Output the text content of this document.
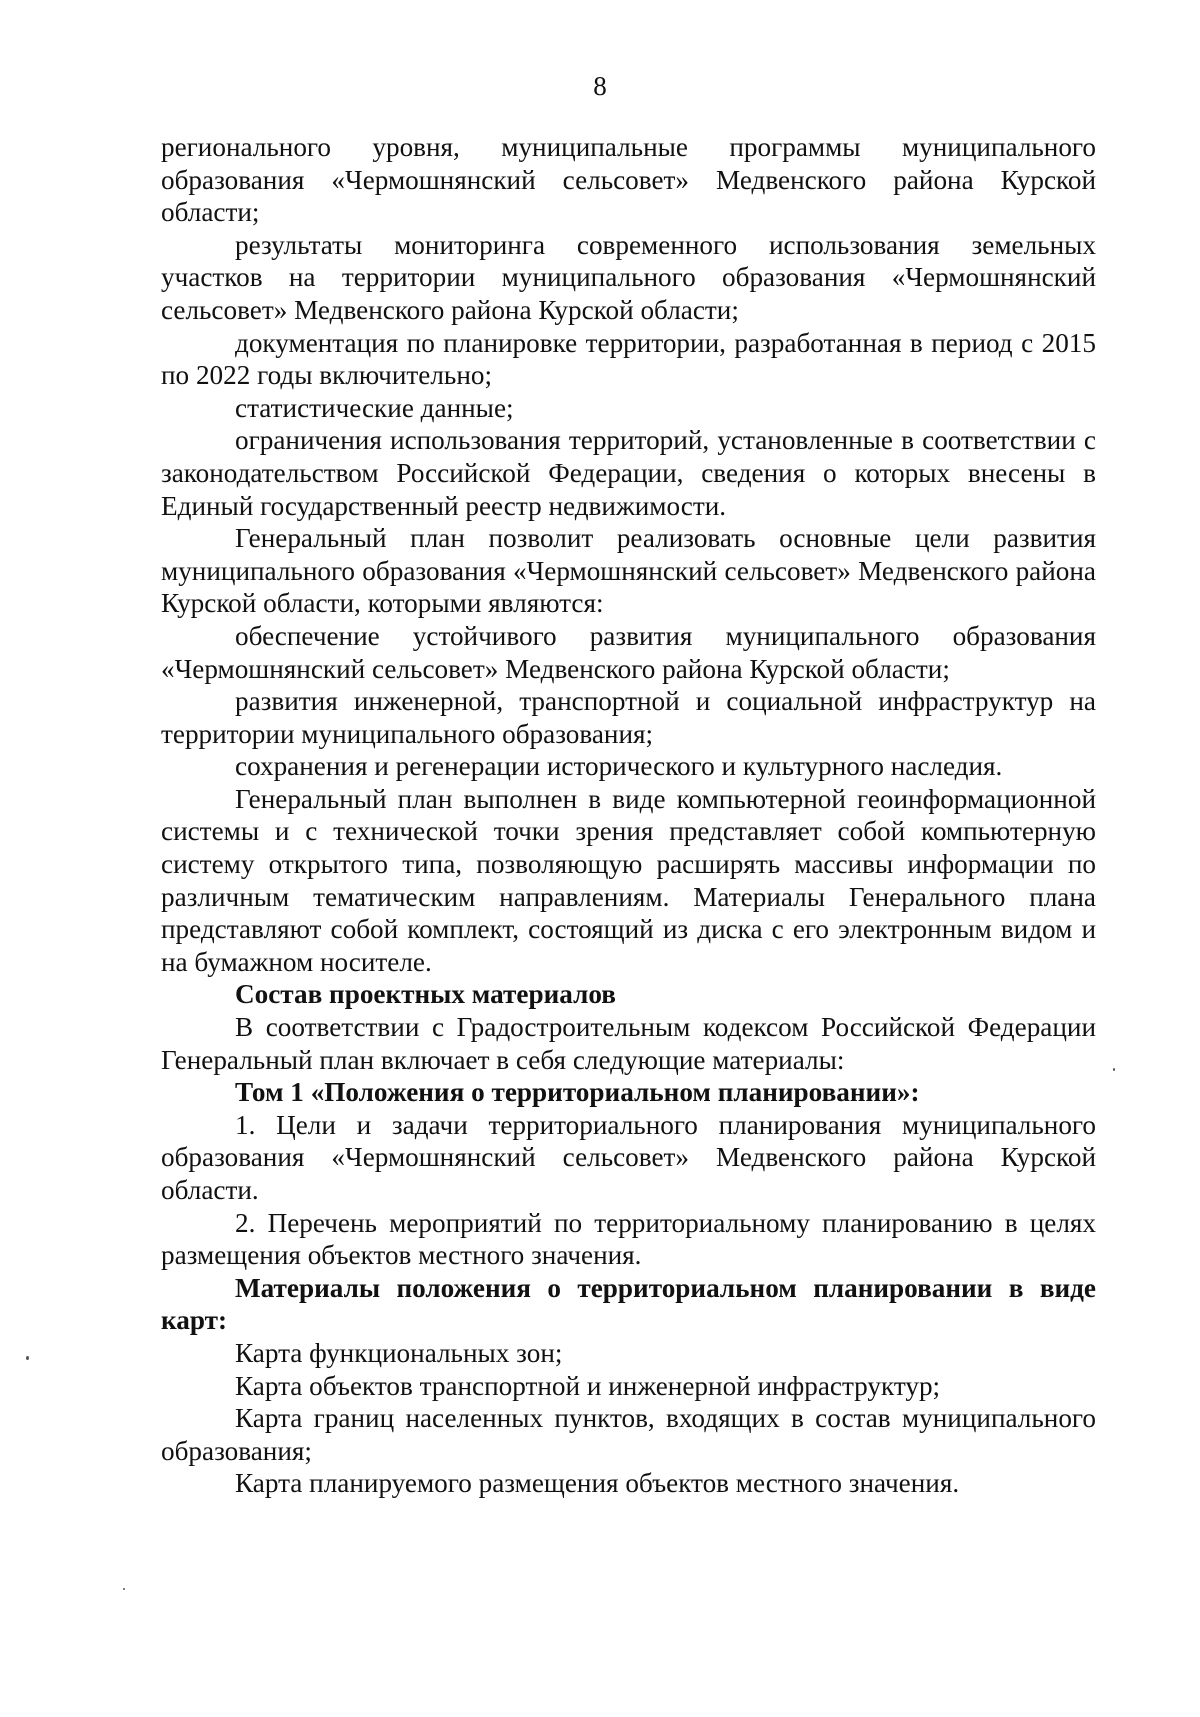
8

регионального уровня, муниципальные программы муниципального образования «Чермошнянский сельсовет» Медвенского района Курской области;

результаты мониторинга современного использования земельных участков на территории муниципального образования «Чермошнянский сельсовет» Медвенского района Курской области;

документация по планировке территории, разработанная в период с 2015 по 2022 годы включительно;

статистические данные;

ограничения использования территорий, установленные в соответствии с законодательством Российской Федерации, сведения о которых внесены в Единый государственный реестр недвижимости.

Генеральный план позволит реализовать основные цели развития муниципального образования «Чермошнянский сельсовет» Медвенского района Курской области, которыми являются:

обеспечение устойчивого развития муниципального образования «Чермошнянский сельсовет» Медвенского района Курской области;

развития инженерной, транспортной и социальной инфраструктур на территории муниципального образования;

сохранения и регенерации исторического и культурного наследия.

Генеральный план выполнен в виде компьютерной геоинформационной системы и с технической точки зрения представляет собой компьютерную систему открытого типа, позволяющую расширять массивы информации по различным тематическим направлениям. Материалы Генерального плана представляют собой комплект, состоящий из диска с его электронным видом и на бумажном носителе.

Состав проектных материалов

В соответствии с Градостроительным кодексом Российской Федерации Генеральный план включает в себя следующие материалы:

Том 1 «Положения о территориальном планировании»:

1. Цели и задачи территориального планирования муниципального образования «Чермошнянский сельсовет» Медвенского района Курской области.

2. Перечень мероприятий по территориальному планированию в целях размещения объектов местного значения.

Материалы положения о территориальном планировании в виде карт:

Карта функциональных зон;

Карта объектов транспортной и инженерной инфраструктур;

Карта границ населенных пунктов, входящих в состав муниципального образования;

Карта планируемого размещения объектов местного значения.
